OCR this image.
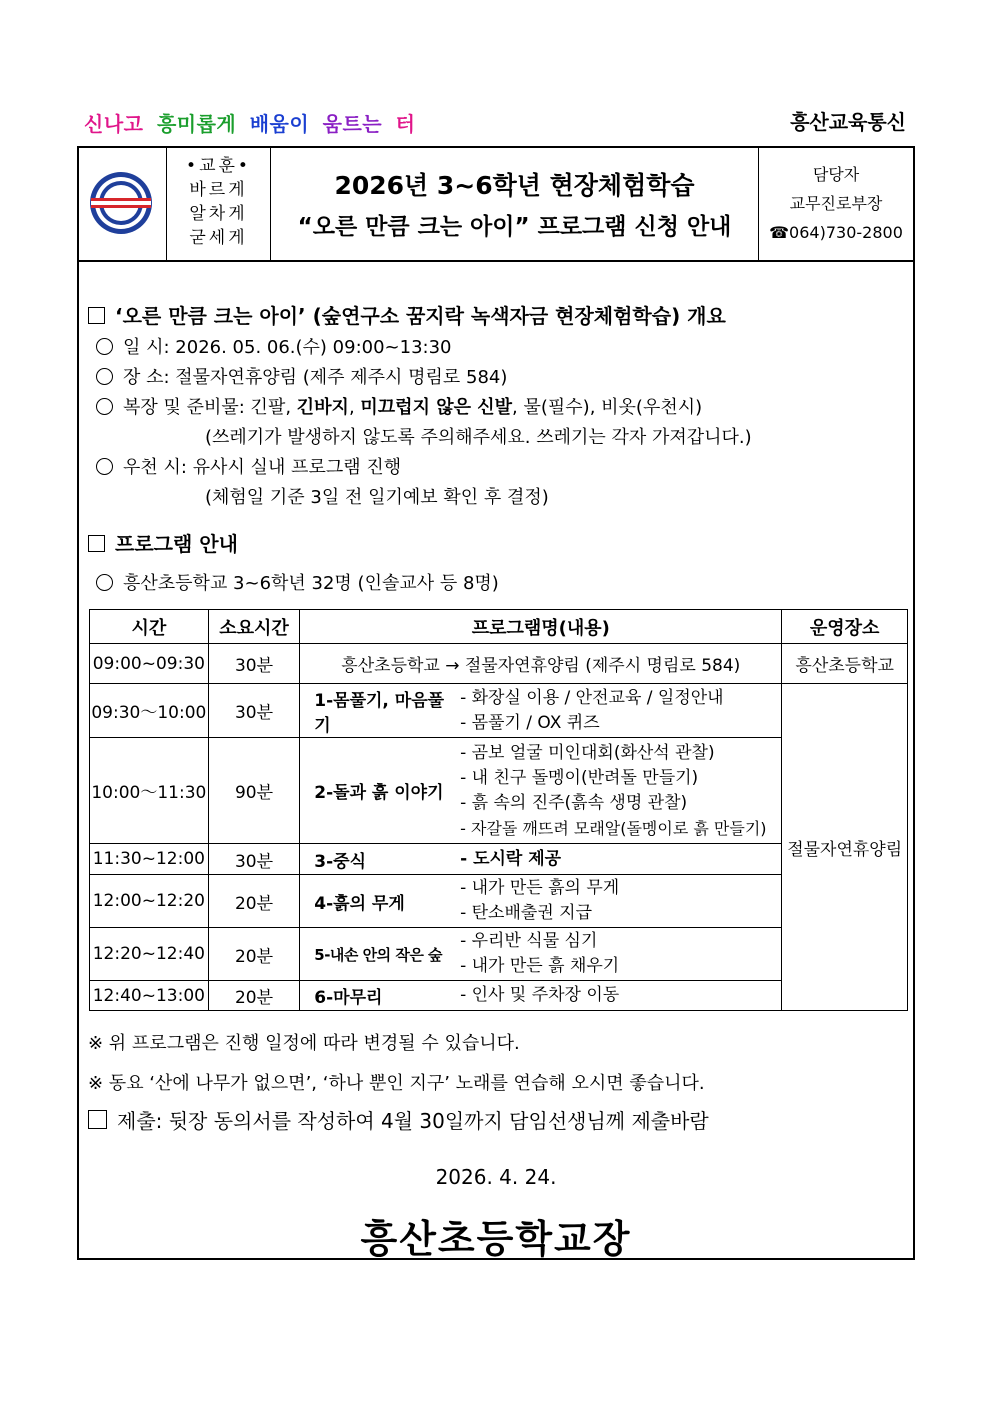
신나고 흥미롭게 배움이 움트는 터	흥산교육통신
•교훈•
바르게
알차게
굳세게
2026년 3~6학년 현장체험학습
“오른 만큼 크는 아이” 프로그램 신청 안내
담당자
교무진로부장
☎064)730-2800
‘오른 만큼 크는 아이’ (숲연구소 꿈지락 녹색자금 현장체험학습) 개요
일 시: 2026. 05. 06.(수) 09:00~13:30
장 소: 절물자연휴양림 (제주 제주시 명림로 584)
복장 및 준비물: 긴팔, 긴바지, 미끄럽지 않은 신발, 물(필수), 비옷(우천시)
(쓰레기가 발생하지 않도록 주의해주세요. 쓰레기는 각자 가져갑니다.)
우천 시: 유사시 실내 프로그램 진행
(체험일 기준 3일 전 일기예보 확인 후 결정)
프로그램 안내
흥산초등학교 3~6학년 32명 (인솔교사 등 8명)
시간	소요시간	프로그램명(내용)		운영장소
09:00~09:30	30분	흥산초등학교 → 절물자연휴양림 (제주시 명림로 584)		흥산초등학교
09:30～10:00	30분	1-몸풀기, 마음풀기	- 화장실 이용 / 안전교육 / 일정안내
- 몸풀기 / OX 퀴즈	절물자연휴양림
10:00～11:30	90분	2-돌과 흙 이야기	- 곰보 얼굴 미인대회(화산석 관찰)
- 내 친구 돌멩이(반려돌 만들기)
- 흙 속의 진주(흙속 생명 관찰)
- 자갈돌 깨뜨려 모래알(돌멩이로 흙 만들기)	

11:30~12:00	30분	3-중식	- 도시락 제공	

12:00~12:20	20분	4-흙의 무게	- 내가 만든 흙의 무게
- 탄소배출권 지급	

12:20~12:40	20분	5-내손 안의 작은 숲	- 우리반 식물 심기
- 내가 만든 흙 채우기	

12:40~13:00	20분	6-마무리	- 인사 및 주차장 이동	
※ 위 프로그램은 진행 일정에 따라 변경될 수 있습니다.
※ 동요 ‘산에 나무가 없으면’, ‘하나 뿐인 지구’ 노래를 연습해 오시면 좋습니다.
제출: 뒷장 동의서를 작성하여 4월 30일까지 담임선생님께 제출바람
2026. 4. 24.
흥산초등학교장
